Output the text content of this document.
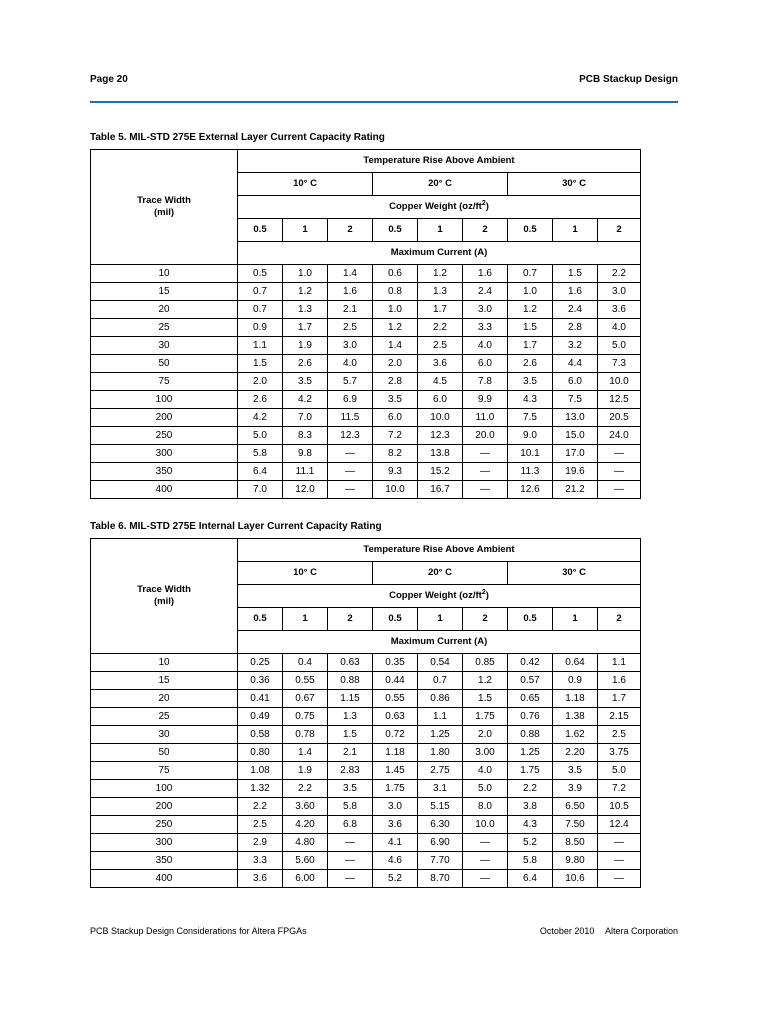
Page 20	PCB Stackup Design
Table 5. MIL-STD 275E External Layer Current Capacity Rating
Trace Width
(mil)	Temperature Rise Above Ambient								
	10° C			20° C			30° C		
	Copper Weight $(oz/ft^2)$								
	0.5	1	2	0.5	1	2	0.5	1	2
	Maximum Current (A)								
10	0.5	1.0	1.4	0.6	1.2	1.6	0.7	1.5	2.2
15	0.7	1.2	1.6	0.8	1.3	2.4	1.0	1.6	3.0
20	0.7	1.3	2.1	1.0	1.7	3.0	1.2	2.4	3.6
25	0.9	1.7	2.5	1.2	2.2	3.3	1.5	2.8	4.0
30	1.1	1.9	3.0	1.4	2.5	4.0	1.7	3.2	5.0
50	1.5	2.6	4.0	2.0	3.6	6.0	2.6	4.4	7.3
75	2.0	3.5	5.7	2.8	4.5	7.8	3.5	6.0	10.0
100	2.6	4.2	6.9	3.5	6.0	9.9	4.3	7.5	12.5
200	4.2	7.0	11.5	6.0	10.0	11.0	7.5	13.0	20.5
250	5.0	8.3	12.3	7.2	12.3	20.0	9.0	15.0	24.0
300	5.8	9.8	—	8.2	13.8	—	10.1	17.0	—
350	6.4	11.1	—	9.3	15.2	—	11.3	19.6	—
400	7.0	12.0	—	10.0	16.7	—	12.6	21.2	—
Table 6. MIL-STD 275E Internal Layer Current Capacity Rating
Trace Width
(mil)	Temperature Rise Above Ambient								
	10° C			20° C			30° C		
	Copper Weight $(oz/ft^2)$								
	0.5	1	2	0.5	1	2	0.5	1	2
	Maximum Current (A)								
10	0.25	0.4	0.63	0.35	0.54	0.85	0.42	0.64	1.1
15	0.36	0.55	0.88	0.44	0.7	1.2	0.57	0.9	1.6
20	0.41	0.67	1.15	0.55	0.86	1.5	0.65	1.18	1.7
25	0.49	0.75	1.3	0.63	1.1	1.75	0.76	1.38	2.15
30	0.58	0.78	1.5	0.72	1.25	2.0	0.88	1.62	2.5
50	0.80	1.4	2.1	1.18	1.80	3.00	1.25	2.20	3.75
75	1.08	1.9	2.83	1.45	2.75	4.0	1.75	3.5	5.0
100	1.32	2.2	3.5	1.75	3.1	5.0	2.2	3.9	7.2
200	2.2	3.60	5.8	3.0	5.15	8.0	3.8	6.50	10.5
250	2.5	4.20	6.8	3.6	6.30	10.0	4.3	7.50	12.4
300	2.9	4.80	—	4.1	6.90	—	5.2	8.50	—
350	3.3	5.60	—	4.6	7.70	—	5.8	9.80	—
400	3.6	6.00	—	5.2	8.70	—	6.4	10.6	—
PCB Stackup Design Considerations for Altera FPGAs	October 2010 Altera Corporation
